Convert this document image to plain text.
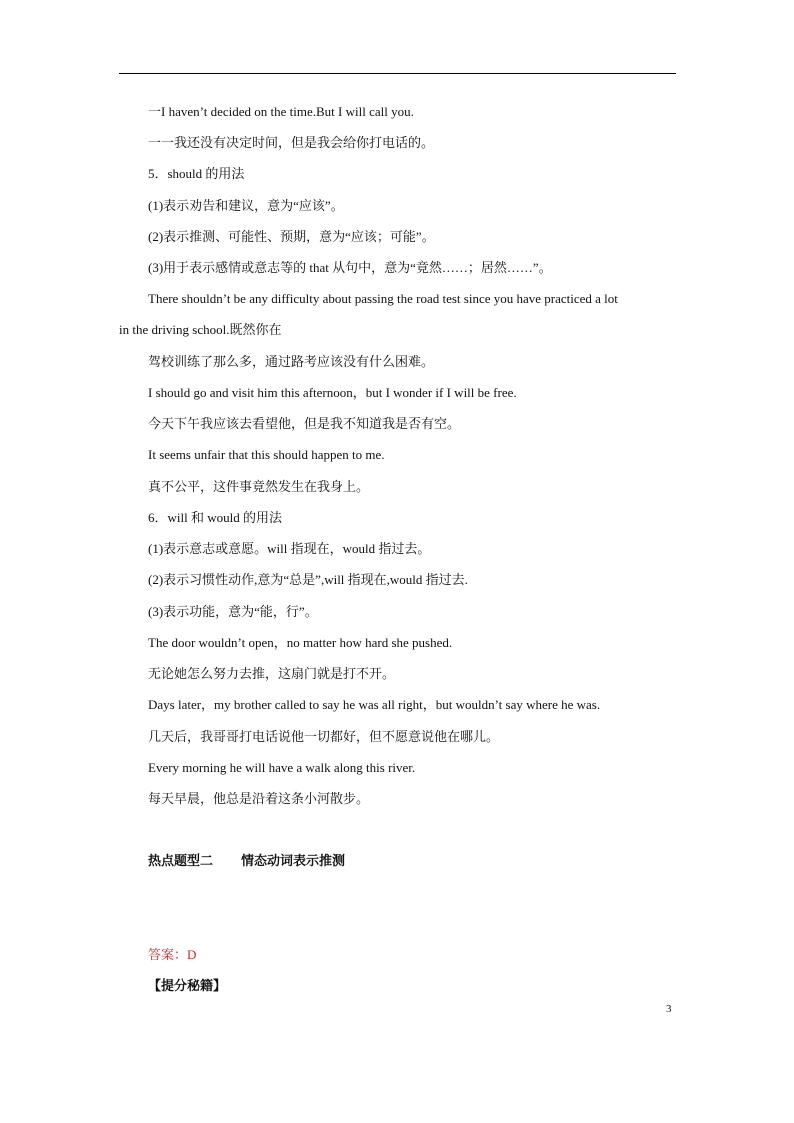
一I haven’t decided on the time.But I will call you.
一一我还没有决定时间，但是我会给你打电话的。
5．should 的用法
(1)表示劝告和建议，意为“应该”。
(2)表示推测、可能性、预期，意为“应该；可能”。
(3)用于表示感情或意志等的 that 从句中，意为“竟然……；居然……”。
There shouldn’t be any difficulty about passing the road test since you have practiced a lot
in the driving school.既然你在
驾校训练了那么多，通过路考应该没有什么困难。
I should go and visit him this afternoon，but I wonder if I will be free.
今天下午我应该去看望他，但是我不知道我是否有空。
It seems unfair that this should happen to me.
真不公平，这件事竟然发生在我身上。
6．will 和 would 的用法
(1)表示意志或意愿。will 指现在，would 指过去。
(2)表示习惯性动作,意为“总是”,will 指现在,would 指过去.
(3)表示功能，意为“能，行”。
The door wouldn’t open，no matter how hard she pushed.
无论她怎么努力去推，这扇门就是打不开。
Days later，my brother called to say he was all right，but wouldn’t say where he was.
几天后，我哥哥打电话说他一切都好，但不愿意说他在哪儿。
Every morning he will have a walk along this river.
每天早晨，他总是沿着这条小河散步。
热点题型二 情态动词表示推测
答案：D
【提分秘籍】
3
